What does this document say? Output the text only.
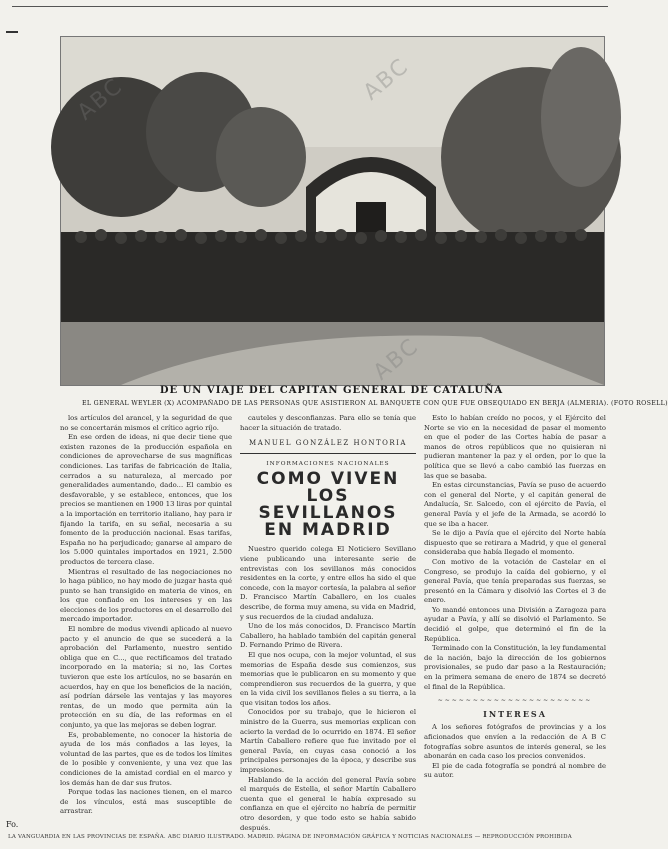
ABC	ABC
ABC
DE UN VIAJE DEL CAPITAN GENERAL DE CATALUÑA
EL GENERAL WEYLER (X) ACOMPAÑADO DE LAS PERSONAS QUE ASISTIERON AL BANQUETE CON QUE FUE OBSEQUIADO EN BERJA (ALMERIA). (FOTO ROSELL)

los artículos del arancel, y la seguridad de que no se concertarán mismos el crítico agrio ríjo.

En ese orden de ideas, ni que decir tiene que existen razones de la producción española en condiciones de aprovecharse de sus magníficas condiciones. Las tarifas de fabricación de Italia, cerrados a su naturaleza, al mercado por generalidades aumentando, dado... El cambio es desfavorable, y se establece, entonces, que los precios se mantienen en 1900 13 liras por quintal a la importación en territorio italiano, hay para ir fijando la tarifa, en su señal, necesaria a su fomento de la producción nacional. Esas tarifas, España no ha perjudicado; ganarse al amparo de los 5.000 quintales importados en 1921, 2.500 productos de tercera clase.

Mientras el resultado de las negociaciones no lo haga público, no hay modo de juzgar hasta qué punto se han transigido en materia de vinos, en los que confiado en los intereses y en las elecciones de los productores en el desarrollo del mercado importador.

El nombre de modus vivendi aplicado al nuevo pacto y el anuncio de que se sucederá a la aprobación del Parlamento, nuestro sentido obliga que en C..., que rectificamos del tratado incorporado en la materia; si no, las Cortes tuvieron que este los artículos, no se basarán en acuerdos, hay en que los beneficios de la nación, así podrían dársele las ventajas y las mayores rentas, de un modo que permita aún la protección en su día, de las reformas en el conjunto, ya que las mejoras se deben lograr.

Es, probablemente, no conocer la historia de ayuda de los más confiados a las leyes, la voluntad de las partes, que es de todos los límites de lo posible y conveniente, y una vez que las condiciones de la amistad cordial en el marco y los demás han de dar sus frutos.

Porque todas las naciones tienen, en el marco de los vínculos, está mas susceptible de arrastrar.

cauteles y desconfianzas. Para ello se tenía que hacer la situación de tratado.

MANUEL GONZÁLEZ HONTORIA
INFORMACIONES NACIONALES
COMO VIVEN LOS SEVILLANOS EN MADRID

Nuestro querido colega El Noticiero Sevillano viene publicando una interesante serie de entrevistas con los sevillanos más conocidos residentes en la corte, y entre ellos ha sido el que concede, con la mayor cortesía, la palabra al señor D. Francisco Martín Caballero, en los cuales describe, de forma muy amena, su vida en Madrid, y sus recuerdos de la ciudad andaluza.

Uno de los más conocidos, D. Francisco Martín Caballero, ha hablado también del capitán general D. Fernando Primo de Rivera.

El que nos ocupa, con la mejor voluntad, el sus memorias de España desde sus comienzos, sus memorias que le publicaron en su momento y que comprendieron sus recuerdos de la guerra, y que en la vida civil los sevillanos fieles a su tierra, a la que visitan todos los años.

Conocidos por su trabajo, que le hicieron el ministro de la Guerra, sus memorias explican con acierto la verdad de lo ocurrido en 1874. El señor Martín Caballero refiere que fue invitado por el general Pavía, en cuyas casa conoció a los principales personajes de la época, y describe sus impresiones.

Hablando de la acción del general Pavía sobre el marqués de Estella, el señor Martín Caballero cuenta que el general le había expresado su confianza en que el ejército no habría de permitir otro desorden, y que todo esto se había sabido después.

Esto lo habían creído no pocos, y el Ejército del Norte se vio en la necesidad de pasar el momento en que el poder de las Cortes había de pasar a manos de otros repúblicos que no quisieran ni pudieran mantener la paz y el orden, por lo que la política que se llevó a cabo cambió las fuerzas en las que se basaba.

En estas circunstancias, Pavía se puso de acuerdo con el general del Norte, y el capitán general de Andalucía, Sr. Salcedo, con el ejército de Pavía, el general Pavía y el jefe de la Armada, se acordó lo que se iba a hacer.

Se le dijo a Pavía que el ejército del Norte había dispuesto que se retirara a Madrid, y que el general consideraba que había llegado el momento.

Con motivo de la votación de Castelar en el Congreso, se produjo la caída del gobierno, y el general Pavía, que tenía preparadas sus fuerzas, se presentó en la Cámara y disolvió las Cortes el 3 de enero.

Yo mandé entonces una División a Zaragoza para ayudar a Pavía, y allí se disolvió el Parlamento. Se decidió el golpe, que determinó el fin de la República.

Terminado con la Constitución, la ley fundamental de la nación, bajo la dirección de los gobiernos provisionales, se pudo dar paso a la Restauración; en la primera semana de enero de 1874 se decretó el final de la República.

~~~~~~~~~~~~~~~~~~~~~~
INTERESA

A los señores fotógrafos de provincias y a los aficionados que envíen a la redacción de A B C fotografías sobre asuntos de interés general, se les abonarán en cada caso los precios convenidos.

El pie de cada fotografía se pondrá al nombre de su autor.

Fo.
LA VANGUARDIA EN LAS PROVINCIAS DE ESPAÑA. ABC DIARIO ILUSTRADO. MADRID. PÁGINA DE INFORMACIÓN GRÁFICA Y NOTICIAS NACIONALES — REPRODUCCIÓN PROHIBIDA
